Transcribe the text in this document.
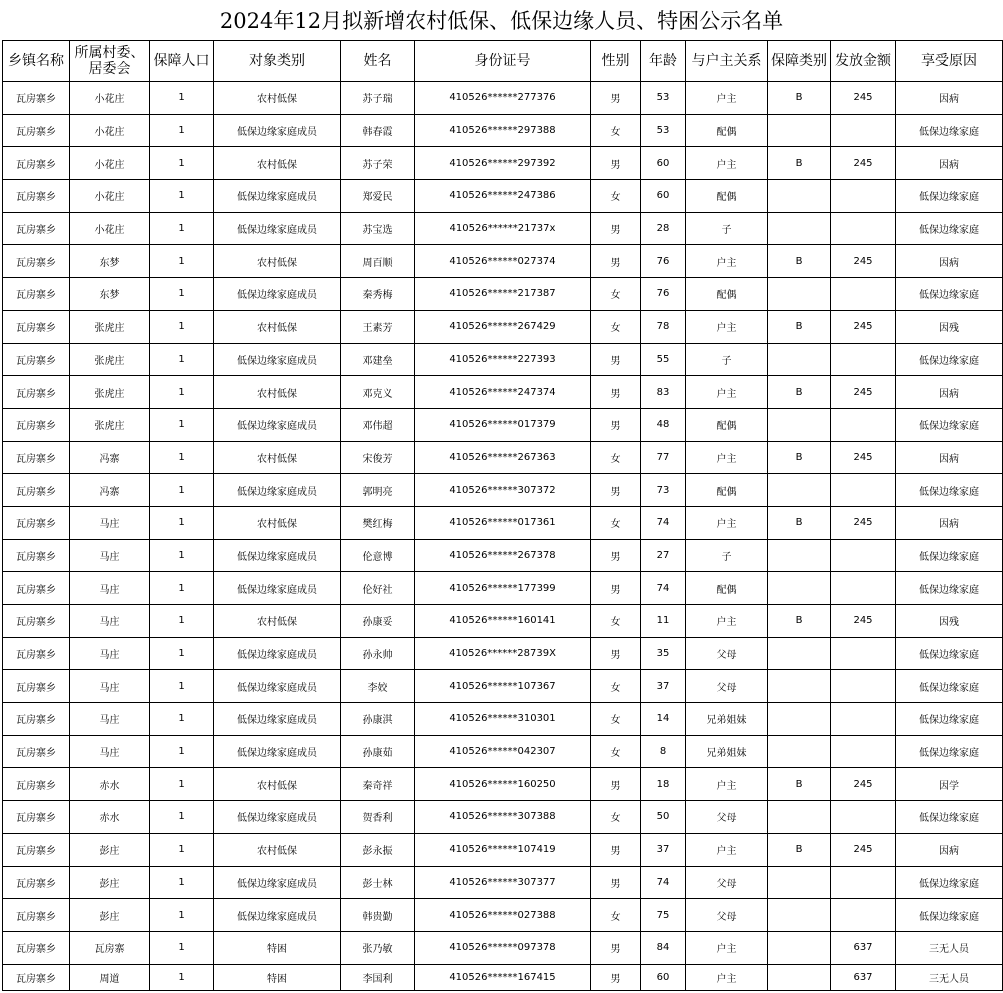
2024年12月拟新增农村低保、低保边缘人员、特困公示名单
乡镇名称	所属村委、居委会	保障人口	对象类别	姓名	身份证号	性别	年龄	与户主关系	保障类别	发放金额	享受原因
瓦房寨乡	小花庄	1	农村低保	苏子瑞	410526******277376	男	53	户主	B	245	因病
瓦房寨乡	小花庄	1	低保边缘家庭成员	韩春霞	410526******297388	女	53	配偶			低保边缘家庭
瓦房寨乡	小花庄	1	农村低保	苏子荣	410526******297392	男	60	户主	B	245	因病
瓦房寨乡	小花庄	1	低保边缘家庭成员	郑爱民	410526******247386	女	60	配偶			低保边缘家庭
瓦房寨乡	小花庄	1	低保边缘家庭成员	苏宝选	410526******21737x	男	28	子			低保边缘家庭
瓦房寨乡	东梦	1	农村低保	周百顺	410526******027374	男	76	户主	B	245	因病
瓦房寨乡	东梦	1	低保边缘家庭成员	秦秀梅	410526******217387	女	76	配偶			低保边缘家庭
瓦房寨乡	张虎庄	1	农村低保	王素芳	410526******267429	女	78	户主	B	245	因残
瓦房寨乡	张虎庄	1	低保边缘家庭成员	邓建垒	410526******227393	男	55	子			低保边缘家庭
瓦房寨乡	张虎庄	1	农村低保	邓克义	410526******247374	男	83	户主	B	245	因病
瓦房寨乡	张虎庄	1	低保边缘家庭成员	邓伟超	410526******017379	男	48	配偶			低保边缘家庭
瓦房寨乡	冯寨	1	农村低保	宋俊芳	410526******267363	女	77	户主	B	245	因病
瓦房寨乡	冯寨	1	低保边缘家庭成员	郭明亮	410526******307372	男	73	配偶			低保边缘家庭
瓦房寨乡	马庄	1	农村低保	樊红梅	410526******017361	女	74	户主	B	245	因病
瓦房寨乡	马庄	1	低保边缘家庭成员	伦意博	410526******267378	男	27	子			低保边缘家庭
瓦房寨乡	马庄	1	低保边缘家庭成员	伦好社	410526******177399	男	74	配偶			低保边缘家庭
瓦房寨乡	马庄	1	农村低保	孙康妥	410526******160141	女	11	户主	B	245	因残
瓦房寨乡	马庄	1	低保边缘家庭成员	孙永帅	410526******28739X	男	35	父母			低保边缘家庭
瓦房寨乡	马庄	1	低保边缘家庭成员	李姣	410526******107367	女	37	父母			低保边缘家庭
瓦房寨乡	马庄	1	低保边缘家庭成员	孙康淇	410526******310301	女	14	兄弟姐妹			低保边缘家庭
瓦房寨乡	马庄	1	低保边缘家庭成员	孙康茹	410526******042307	女	8	兄弟姐妹			低保边缘家庭
瓦房寨乡	赤水	1	农村低保	秦奇祥	410526******160250	男	18	户主	B	245	因学
瓦房寨乡	赤水	1	低保边缘家庭成员	贺香利	410526******307388	女	50	父母			低保边缘家庭
瓦房寨乡	彭庄	1	农村低保	彭永振	410526******107419	男	37	户主	B	245	因病
瓦房寨乡	彭庄	1	低保边缘家庭成员	彭士林	410526******307377	男	74	父母			低保边缘家庭
瓦房寨乡	彭庄	1	低保边缘家庭成员	韩贵勤	410526******027388	女	75	父母			低保边缘家庭
瓦房寨乡	瓦房寨	1	特困	张乃敏	410526******097378	男	84	户主		637	三无人员
瓦房寨乡	周道	1	特困	李国利	410526******167415	男	60	户主		637	三无人员
